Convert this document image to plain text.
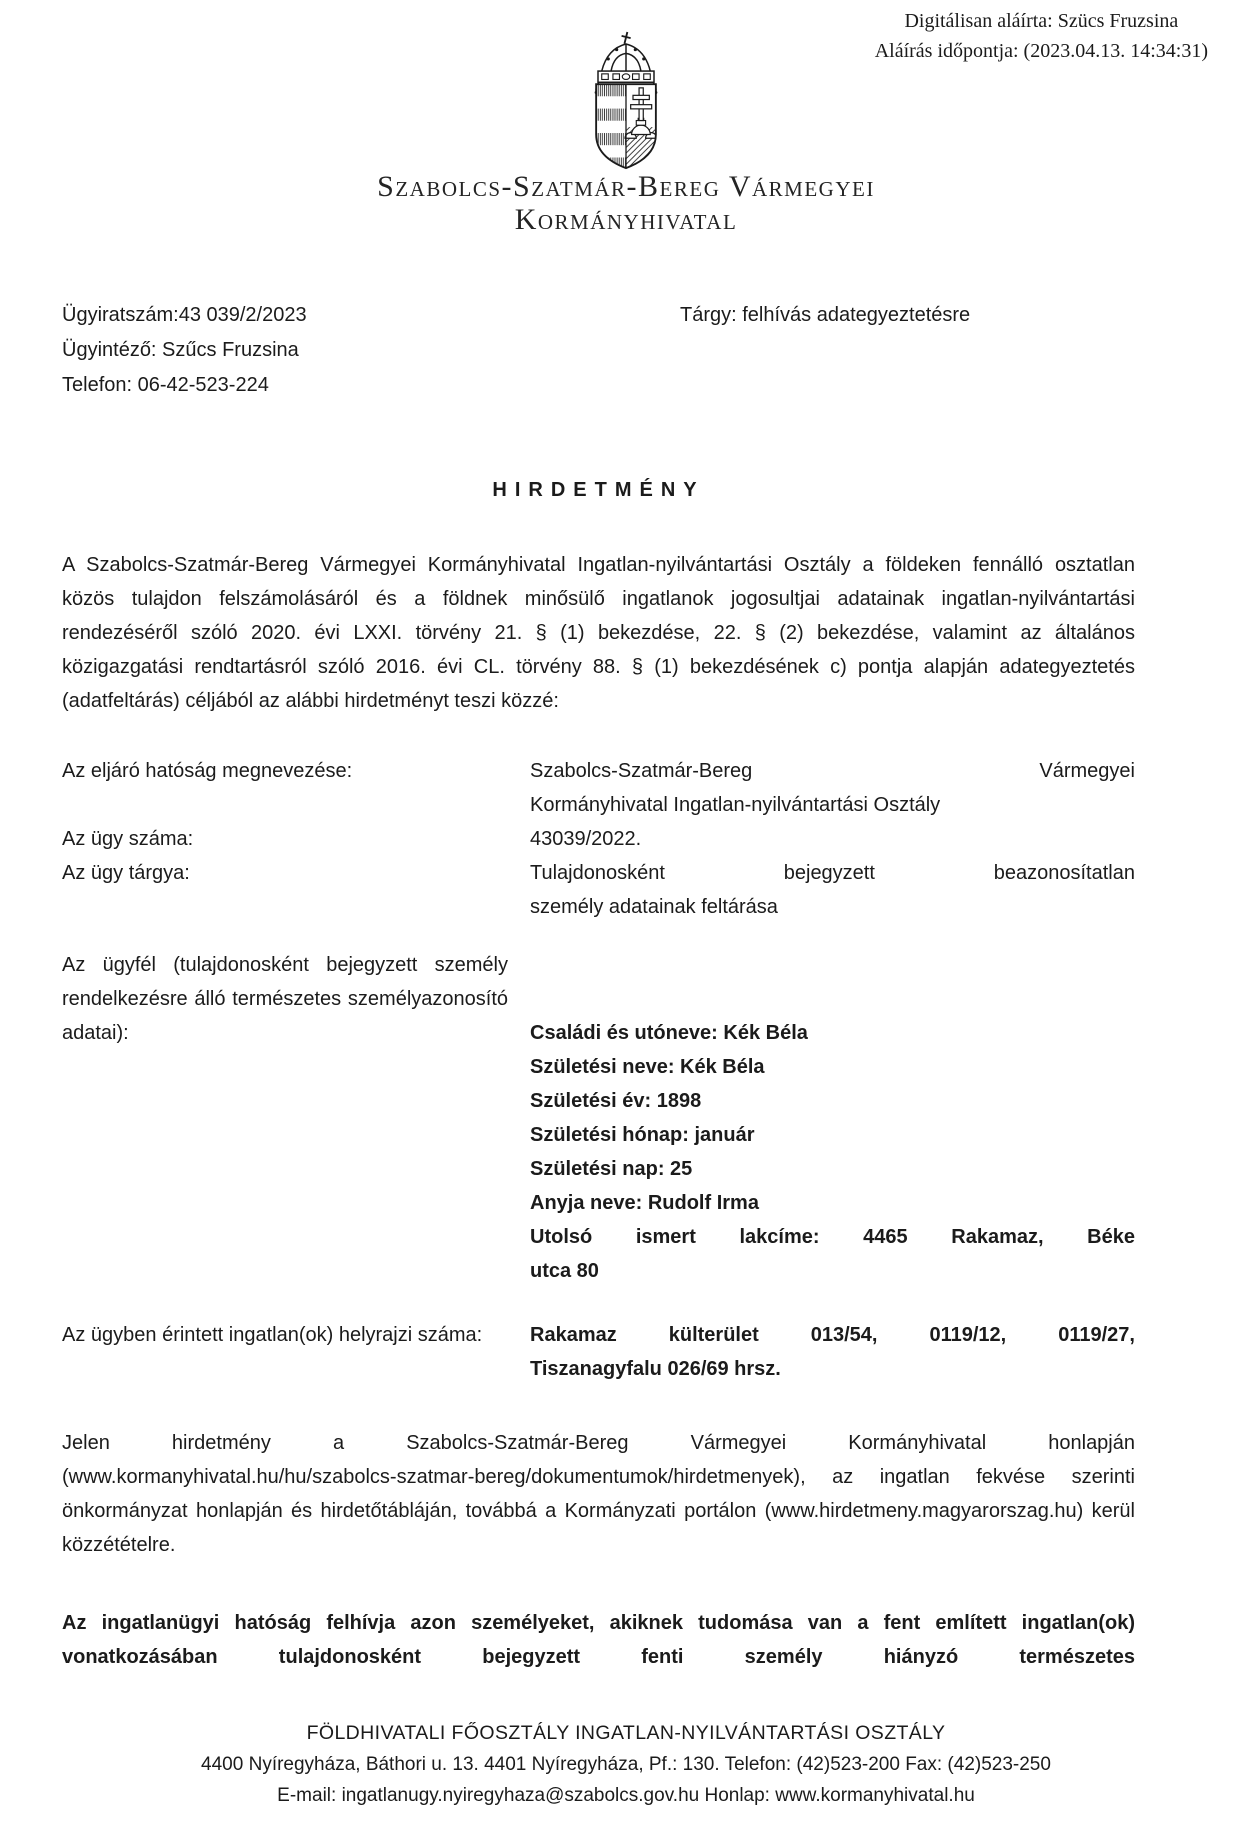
Digitálisan aláírta: Szücs Fruzsina
Aláírás időpontja: (2023.04.13. 14:34:31)
Szabolcs-Szatmár-Bereg Vármegyei
Kormányhivatal
Ügyiratszám:43 039/2/2023
Ügyintéző: Szűcs Fruzsina
Telefon: 06-42-523-224
Tárgy: felhívás adategyeztetésre
HIRDETMÉNY

A Szabolcs-Szatmár-Bereg Vármegyei Kormányhivatal Ingatlan-nyilvántartási Osztály a földeken fennálló osztatlan közös tulajdon felszámolásáról és a földnek minősülő ingatlanok jogosultjai adatainak ingatlan-nyilvántartási rendezéséről szóló 2020. évi LXXI. törvény 21. § (1) bekezdése, 22. § (2) bekezdése, valamint az általános közigazgatási rendtartásról szóló 2016. évi CL. törvény 88. § (1) bekezdésének c) pontja alapján adategyeztetés (adatfeltárás) céljából az alábbi hirdetményt teszi közzé:

Az eljáró hatóság megnevezése:	Szabolcs-Szatmár-Bereg Vármegyei
Kormányhivatal Ingatlan-nyilvántartási Osztály
Az ügy száma:	43039/2022.
Az ügy tárgya:	Tulajdonosként bejegyzett beazonosítatlan
személy adatainak feltárása
Az ügyfél (tulajdonosként bejegyzett személy rendelkezésre álló természetes személyazonosító adatai):	Családi és utóneve: Kék Béla
Születési neve: Kék Béla
Születési év: 1898
Születési hónap: január
Születési nap: 25
Anyja neve: Rudolf Irma
Utolsó ismert lakcíme: 4465 Rakamaz, Béke
utca 80
Az ügyben érintett ingatlan(ok) helyrajzi száma:	Rakamaz külterület 013/54, 0119/12, 0119/27,
Tiszanagyfalu 026/69 hrsz.

Jelen hirdetmény a Szabolcs-Szatmár-Bereg Vármegyei Kormányhivatal honlapján (www.kormanyhivatal.hu/hu/szabolcs-szatmar-bereg/dokumentumok/hirdetmenyek), az ingatlan fekvése szerinti önkormányzat honlapján és hirdetőtábláján, továbbá a Kormányzati portálon (www.hirdetmeny.magyarorszag.hu) kerül közzétételre.

Az ingatlanügyi hatóság felhívja azon személyeket, akiknek tudomása van a fent említett ingatlan(ok) vonatkozásában tulajdonosként bejegyzett fenti személy hiányzó természetes

FÖLDHIVATALI FŐOSZTÁLY INGATLAN-NYILVÁNTARTÁSI OSZTÁLY
4400 Nyíregyháza, Báthori u. 13. 4401 Nyíregyháza, Pf.: 130. Telefon: (42)523-200 Fax: (42)523-250
E-mail: ingatlanugy.nyiregyhaza@szabolcs.gov.hu Honlap: www.kormanyhivatal.hu
